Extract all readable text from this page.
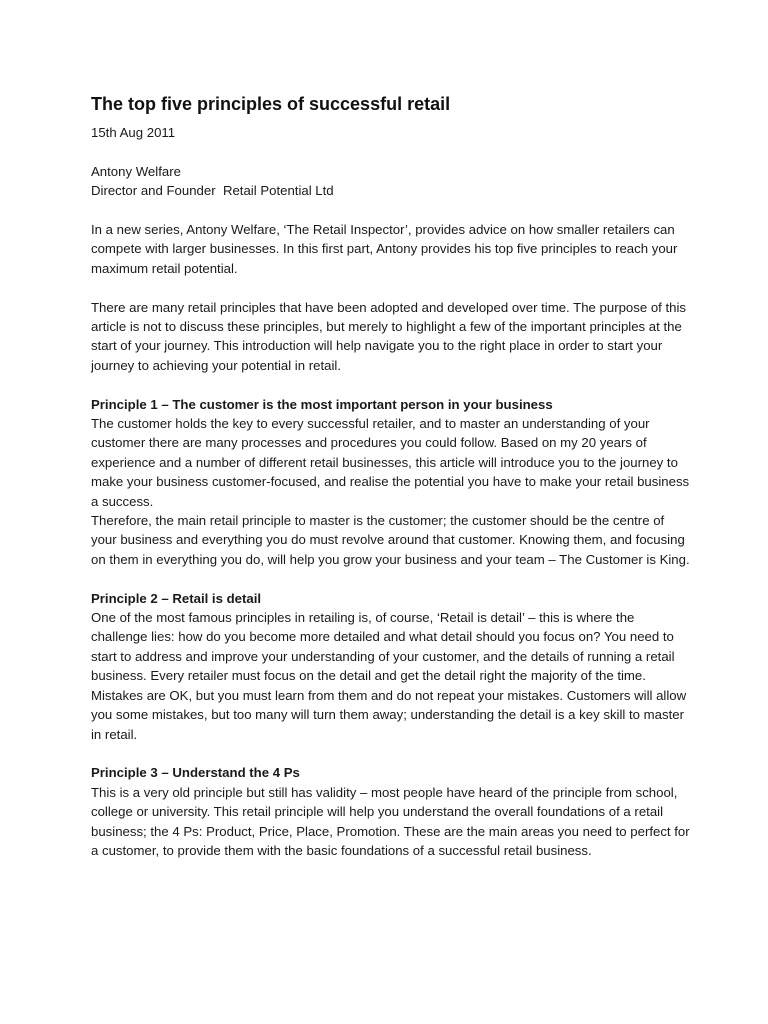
The top five principles of successful retail

15th Aug 2011

Antony Welfare

Director and Founder  Retail Potential Ltd

In a new series, Antony Welfare, ‘The Retail Inspector’, provides advice on how smaller retailers can compete with larger businesses. In this first part, Antony provides his top five principles to reach your maximum retail potential.

There are many retail principles that have been adopted and developed over time. The purpose of this article is not to discuss these principles, but merely to highlight a few of the important principles at the start of your journey. This introduction will help navigate you to the right place in order to start your journey to achieving your potential in retail.

Principle 1 – The customer is the most important person in your business

The customer holds the key to every successful retailer, and to master an understanding of your customer there are many processes and procedures you could follow. Based on my 20 years of experience and a number of different retail businesses, this article will introduce you to the journey to make your business customer-focused, and realise the potential you have to make your retail business a success.

Therefore, the main retail principle to master is the customer; the customer should be the centre of your business and everything you do must revolve around that customer. Knowing them, and focusing on them in everything you do, will help you grow your business and your team – The Customer is King.

Principle 2 – Retail is detail

One of the most famous principles in retailing is, of course, ‘Retail is detail’ – this is where the challenge lies: how do you become more detailed and what detail should you focus on? You need to start to address and improve your understanding of your customer, and the details of running a retail business. Every retailer must focus on the detail and get the detail right the majority of the time. Mistakes are OK, but you must learn from them and do not repeat your mistakes. Customers will allow you some mistakes, but too many will turn them away; understanding the detail is a key skill to master in retail.

Principle 3 – Understand the 4 Ps

This is a very old principle but still has validity – most people have heard of the principle from school, college or university. This retail principle will help you understand the overall foundations of a retail business; the 4 Ps: Product, Price, Place, Promotion. These are the main areas you need to perfect for a customer, to provide them with the basic foundations of a successful retail business.
